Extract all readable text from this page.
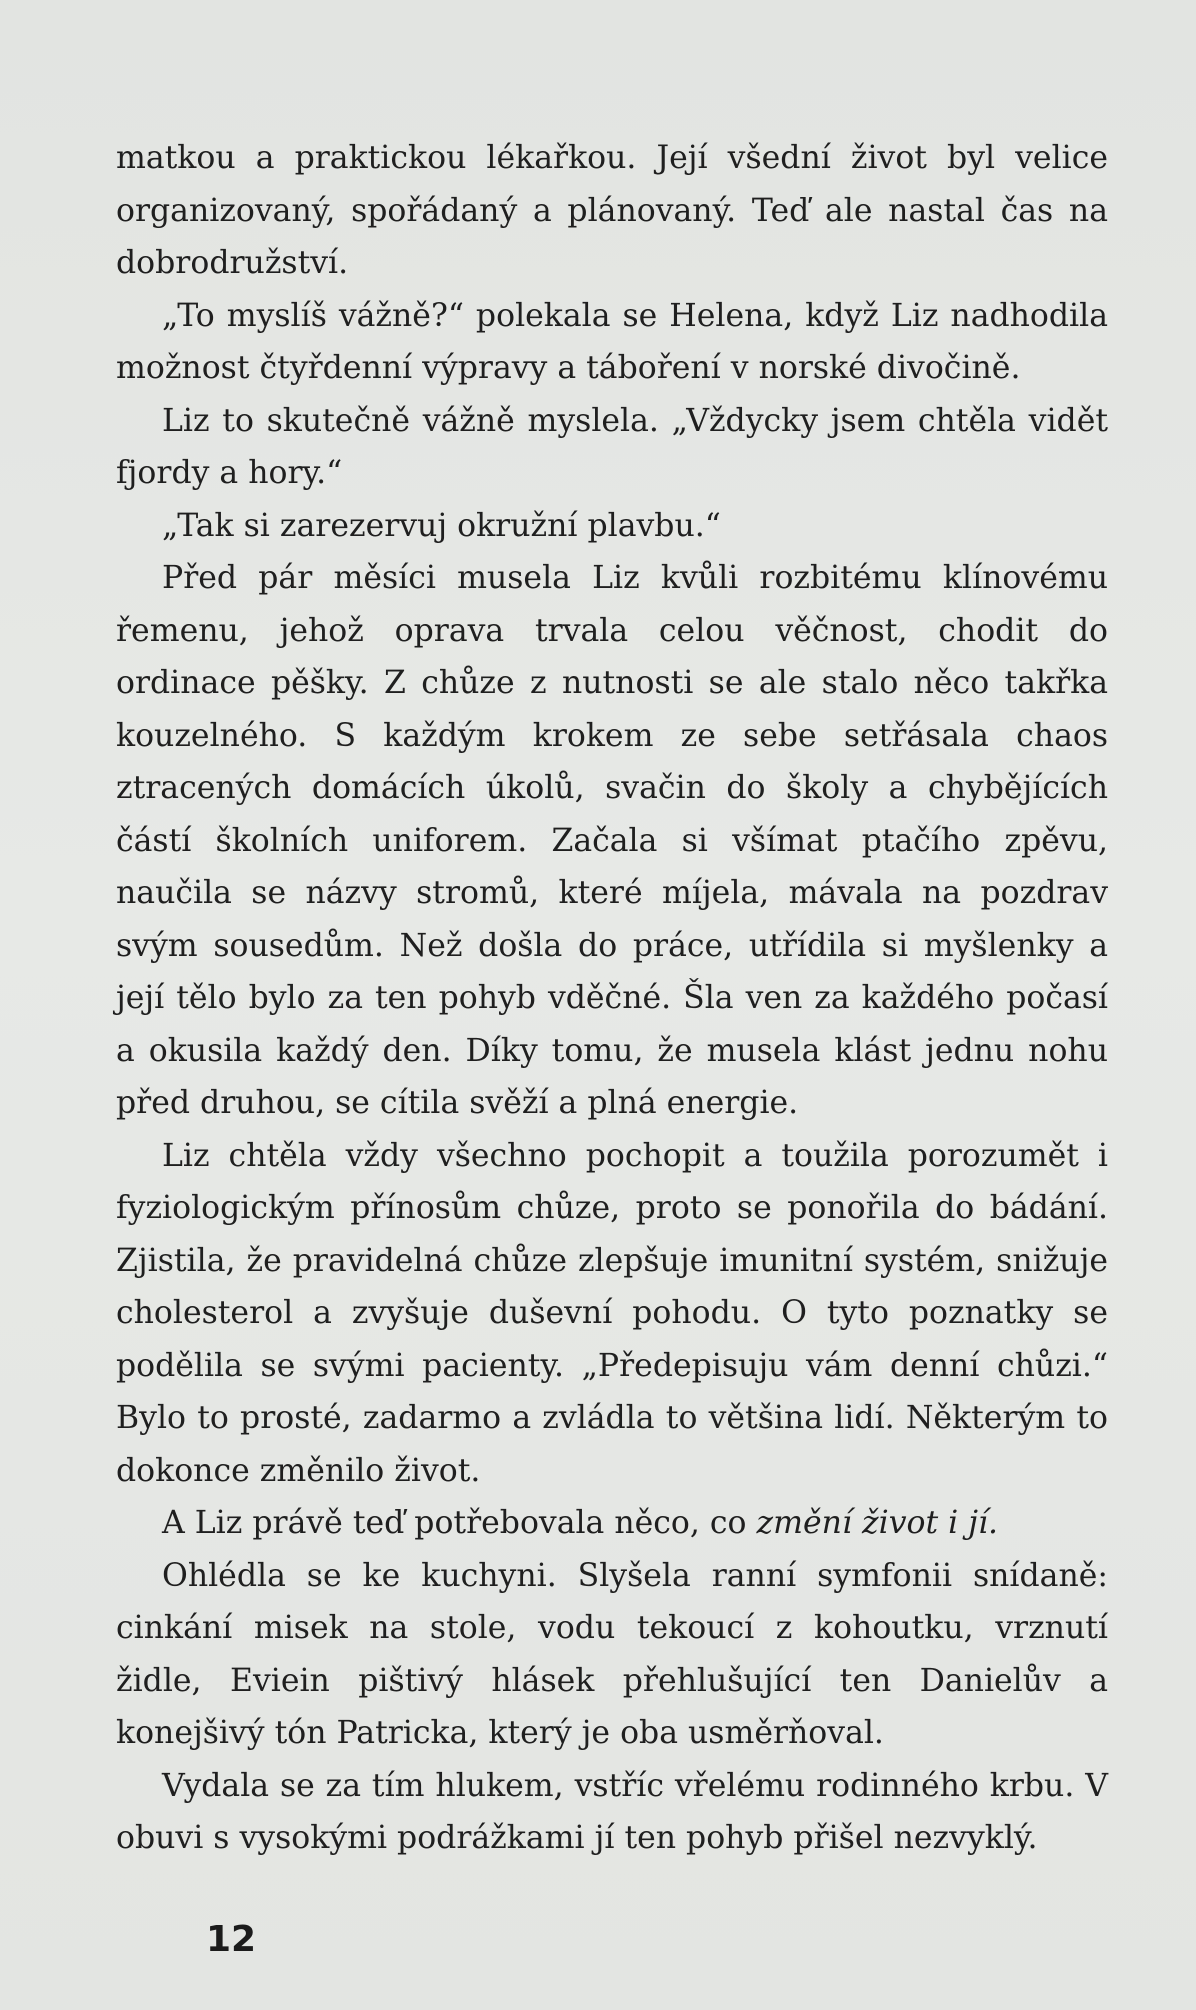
matkou a praktickou lékařkou. Její všední život byl velice organizovaný, spořádaný a plánovaný. Teď ale nastal čas na dobrodružství.

„To myslíš vážně?“ polekala se Helena, když Liz nadhodila možnost čtyřdenní výpravy a táboření v norské divočině.

Liz to skutečně vážně myslela. „Vždycky jsem chtěla vidět fjordy a hory.“

„Tak si zarezervuj okružní plavbu.“

Před pár měsíci musela Liz kvůli rozbitému klínovému řemenu, jehož oprava trvala celou věčnost, chodit do ordinace pěšky. Z chůze z nutnosti se ale stalo něco takřka kouzelného. S každým krokem ze sebe setřásala chaos ztracených domácích úkolů, svačin do školy a chybějících částí školních uniforem. Začala si všímat ptačího zpěvu, naučila se názvy stromů, které míjela, mávala na pozdrav svým sousedům. Než došla do práce, utřídila si myšlenky a její tělo bylo za ten pohyb vděčné. Šla ven za každého počasí a okusila každý den. Díky tomu, že musela klást jednu nohu před druhou, se cítila svěží a plná energie.

Liz chtěla vždy všechno pochopit a toužila porozumět i fyziologickým přínosům chůze, proto se ponořila do bádání. Zjistila, že pravidelná chůze zlepšuje imunitní systém, snižuje cholesterol a zvyšuje duševní pohodu. O tyto poznatky se podělila se svými pacienty. „Předepisuju vám denní chůzi.“ Bylo to prosté, zadarmo a zvládla to většina lidí. Některým to dokonce změnilo život.

A Liz právě teď potřebovala něco, co změní život i jí.

Ohlédla se ke kuchyni. Slyšela ranní symfonii snídaně: cinkání misek na stole, vodu tekoucí z kohoutku, vrznutí židle, Eviein pištivý hlásek přehlušující ten Danielův a konejšivý tón Patricka, který je oba usměrňoval.

Vydala se za tím hlukem, vstříc vřelému rodinného krbu. V obuvi s vysokými podrážkami jí ten pohyb přišel nezvyklý.

12
